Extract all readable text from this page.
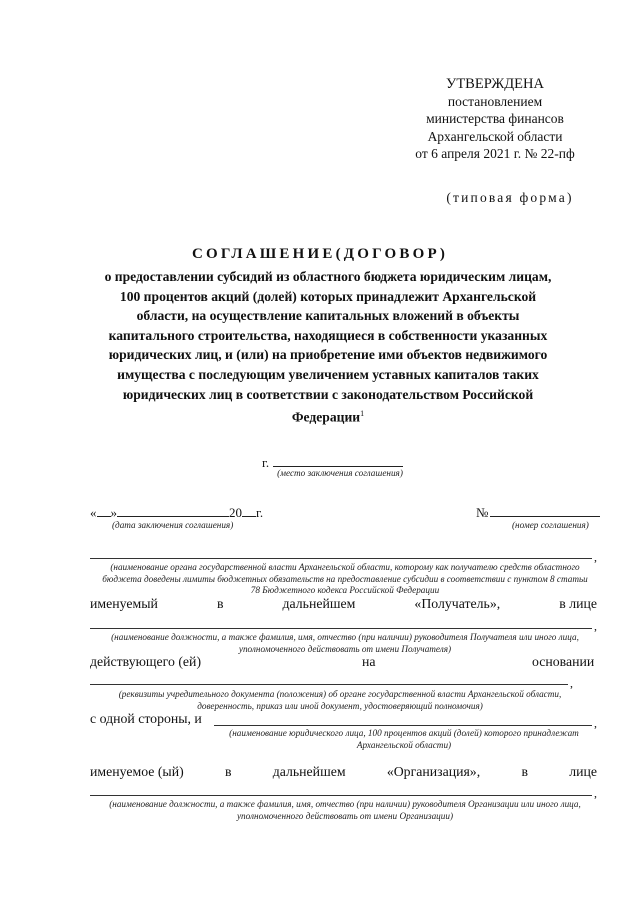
УТВЕРЖДЕНА
постановлением
министерства финансов
Архангельской области
от 6 апреля 2021 г. № 22-пф
(типовая форма)
СОГЛАШЕНИЕ(ДОГОВОР)
о предоставлении субсидий из областного бюджета юридическим лицам, 100 процентов акций (долей) которых принадлежит Архангельской области, на осуществление капитальных вложений в объекты капитального строительства, находящиеся в собственности указанных юридических лиц, и (или) на приобретение ими объектов недвижимого имущества с последующим увеличением уставных капиталов таких юридических лиц в соответствии с законодательством Российской Федерации$^1$
г.
(место заключения соглашения)
« »	20 г.
(дата заключения соглашения)
№
(номер соглашения)
,
(наименование органа государственной власти Архангельской области, которому как получателю средств областного бюджета доведены лимиты бюджетных обязательств на предоставление субсидии в соответствии с пунктом 8 статьи 78 Бюджетного кодекса Российской Федерации
именуемый	в	дальнейшем	«Получатель»,	в лице
,
(наименование должности, а также фамилия, имя, отчество (при наличии) руководителя Получателя или иного лица, уполномоченного действовать от имени Получателя)
действующего (ей)	на	основании
,
(реквизиты учредительного документа (положения) об органе государственной власти Архангельской области, доверенность, приказ или иной документ, удостоверяющий полномочия)
с одной стороны, и	,
(наименование юридического лица, 100 процентов акций (долей) которого принадлежат Архангельской области)
именуемое (ый)	в	дальнейшем	«Организация»,	в	лице
,
(наименование должности, а также фамилия, имя, отчество (при наличии) руководителя Организации или иного лица, уполномоченного действовать от имени Организации)
